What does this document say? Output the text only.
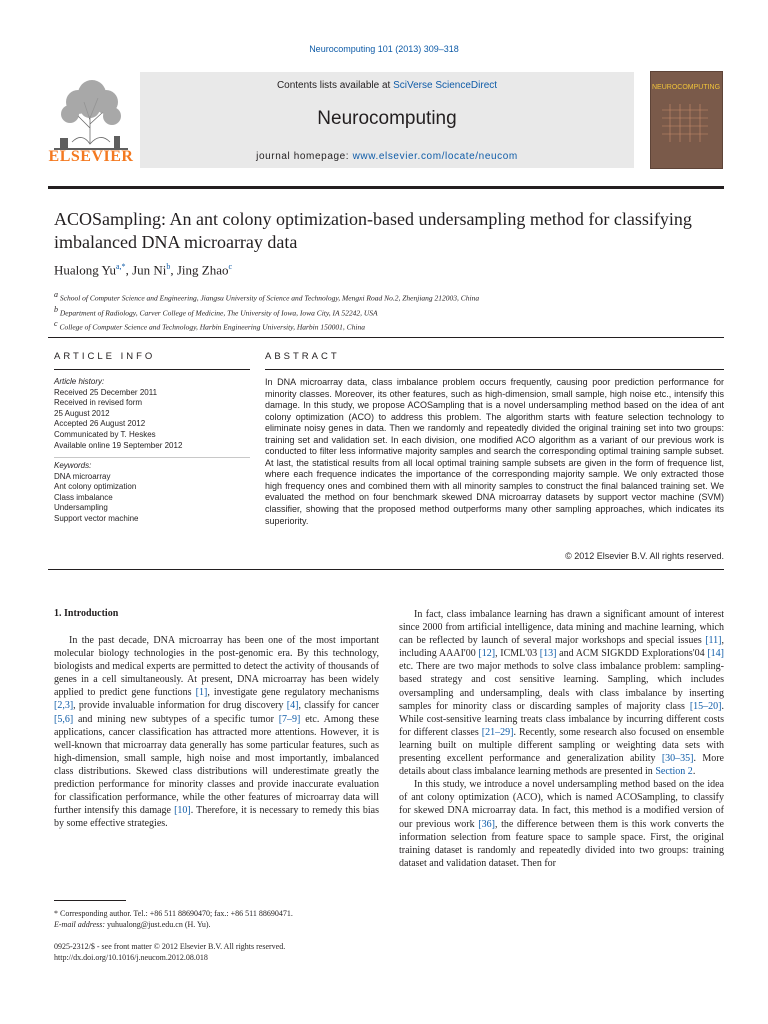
Neurocomputing 101 (2013) 309–318
Contents lists available at SciVerse ScienceDirect
Neurocomputing
journal homepage: www.elsevier.com/locate/neucom
ELSEVIER
NEUROCOMPUTING
ACOSampling: An ant colony optimization-based undersampling method for classifying imbalanced DNA microarray data
Hualong $Yu^{a,*}$, Jun Ni$^b$, Jing Zhao$^c$
$^a$ School of Computer Science and Engineering, Jiangsu University of Science and Technology, Mengxi Road No.2, Zhenjiang 212003, China
$^b$ Department of Radiology, Carver College of Medicine, The University of Iowa, Iowa City, IA 52242, USA
$^c$ College of Computer Science and Technology, Harbin Engineering University, Harbin 150001, China
ARTICLE INFO	ABSTRACT
Article history:
Received 25 December 2011
Received in revised form
25 August 2012
Accepted 26 August 2012
Communicated by T. Heskes
Available online 19 September 2012
Keywords:
DNA microarray
Ant colony optimization
Class imbalance
Undersampling
Support vector machine
In DNA microarray data, class imbalance problem occurs frequently, causing poor prediction performance for minority classes. Moreover, its other features, such as high-dimension, small sample, high noise etc., intensify this damage. In this study, we propose ACOSampling that is a novel undersampling method based on the idea of ant colony optimization (ACO) to address this problem. The algorithm starts with feature selection technology to eliminate noisy genes in data. Then we randomly and repeatedly divided the original training set into two groups: training set and validation set. In each division, one modified ACO algorithm as a variant of our previous work is conducted to filter less informative majority samples and search the corresponding optimal training sample subset. At last, the statistical results from all local optimal training sample subsets are given in the form of frequence list, where each frequence indicates the importance of the corresponding majority sample. We only extracted those high frequency ones and combined them with all minority samples to construct the final balanced training set. We evaluated the method on four benchmark skewed DNA microarray datasets by support vector machine (SVM) classifier, showing that the proposed method outperforms many other sampling approaches, which indicates its superiority.
© 2012 Elsevier B.V. All rights reserved.
1. Introduction

In the past decade, DNA microarray has been one of the most important molecular biology technologies in the post-genomic era. By this technology, biologists and medical experts are permitted to detect the activity of thousands of genes in a cell simultaneously. At present, DNA microarray has been widely applied to predict gene functions [1], investigate gene regulatory mechanisms [2,3], provide invaluable information for drug discovery [4], classify for cancer [5,6] and mining new subtypes of a specific tumor [7–9] etc. Among these applications, cancer classification has attracted more attentions. However, it is well-known that microarray data generally has some particular features, such as high-dimension, small sample, high noise and most importantly, imbalanced class distributions. Skewed class distributions will underestimate greatly the prediction performance for minority classes and provide inaccurate evaluation for classification performance, while the other features of microarray data will further intensify this damage [10]. Therefore, it is necessary to remedy this bias by some effective strategies.

In fact, class imbalance learning has drawn a significant amount of interest since 2000 from artificial intelligence, data mining and machine learning, which can be reflected by launch of several major workshops and special issues [11], including AAAI'00 [12], ICML'03 [13] and ACM SIGKDD Explorations'04 [14] etc. There are two major methods to solve class imbalance problem: sampling-based strategy and cost sensitive learning. Sampling, which includes oversampling and undersampling, deals with class imbalance by inserting samples for minority class or discarding samples of majority class [15–20]. While cost-sensitive learning treats class imbalance by incurring different costs for different classes [21–29]. Recently, some research also focused on ensemble learning built on multiple different sampling or weighting data sets with presenting excellent performance and generalization ability [30–35]. More details about class imbalance learning methods are presented in Section 2.

In this study, we introduce a novel undersampling method based on the idea of ant colony optimization (ACO), which is named ACOSampling, to classify for skewed DNA microarray data. In fact, this method is a modified version of our previous work [36], the difference between them is this work converts the information selection from feature space to sample space. First, the original training dataset is randomly and repeatedly divided into two groups: training dataset and validation dataset. Then for

* Corresponding author. Tel.: +86 511 88690470; fax.: +86 511 88690471.
E-mail address: yuhualong@just.edu.cn (H. Yu).
0925-2312/$ - see front matter © 2012 Elsevier B.V. All rights reserved.
http://dx.doi.org/10.1016/j.neucom.2012.08.018
